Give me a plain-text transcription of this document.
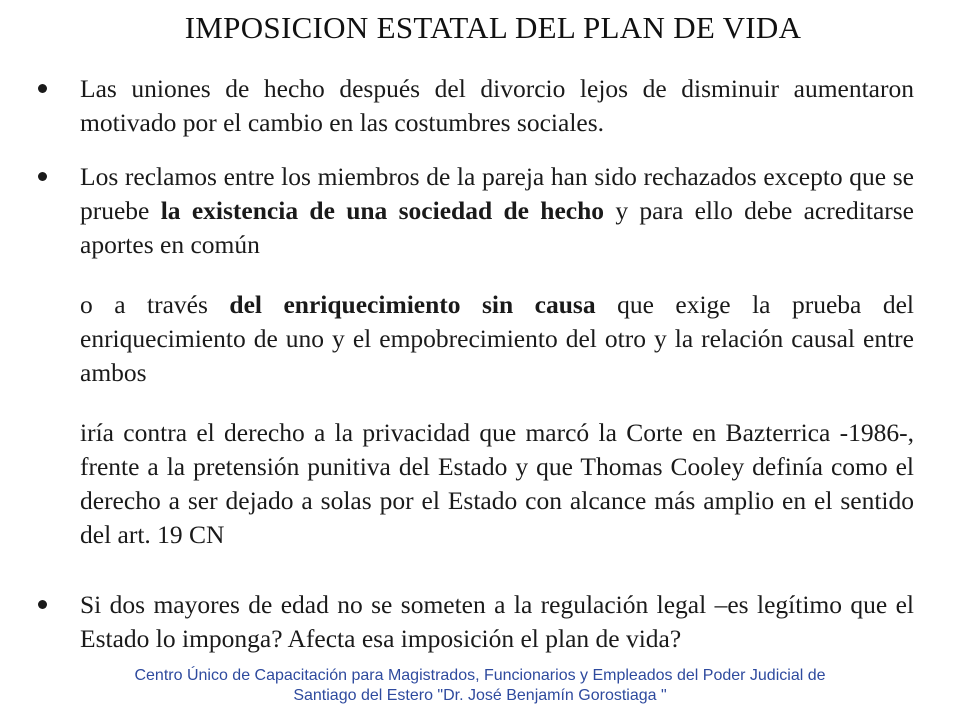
IMPOSICION ESTATAL DEL PLAN DE VIDA
Las uniones de hecho después del divorcio lejos de disminuir aumentaron motivado por el cambio en las costumbres sociales.
Los reclamos entre los miembros de la pareja han sido rechazados excepto que se pruebe la existencia de una sociedad de hecho y para ello debe acreditarse aportes en común
o a través del enriquecimiento sin causa que exige la prueba del enriquecimiento de uno y el empobrecimiento del otro y la relación causal entre ambos
iría contra el derecho a la privacidad que marcó la Corte en Bazterrica -1986-, frente a la pretensión punitiva del Estado y que Thomas Cooley definía como el derecho a ser dejado a solas por el Estado con alcance más amplio en el sentido del art. 19 CN
Si dos mayores de edad no se someten a la regulación legal –es legítimo que el Estado lo imponga? Afecta esa imposición el plan de vida?
Centro Único de Capacitación para Magistrados, Funcionarios y Empleados del Poder Judicial de
Santiago del Estero "Dr. José Benjamín Gorostiaga "
